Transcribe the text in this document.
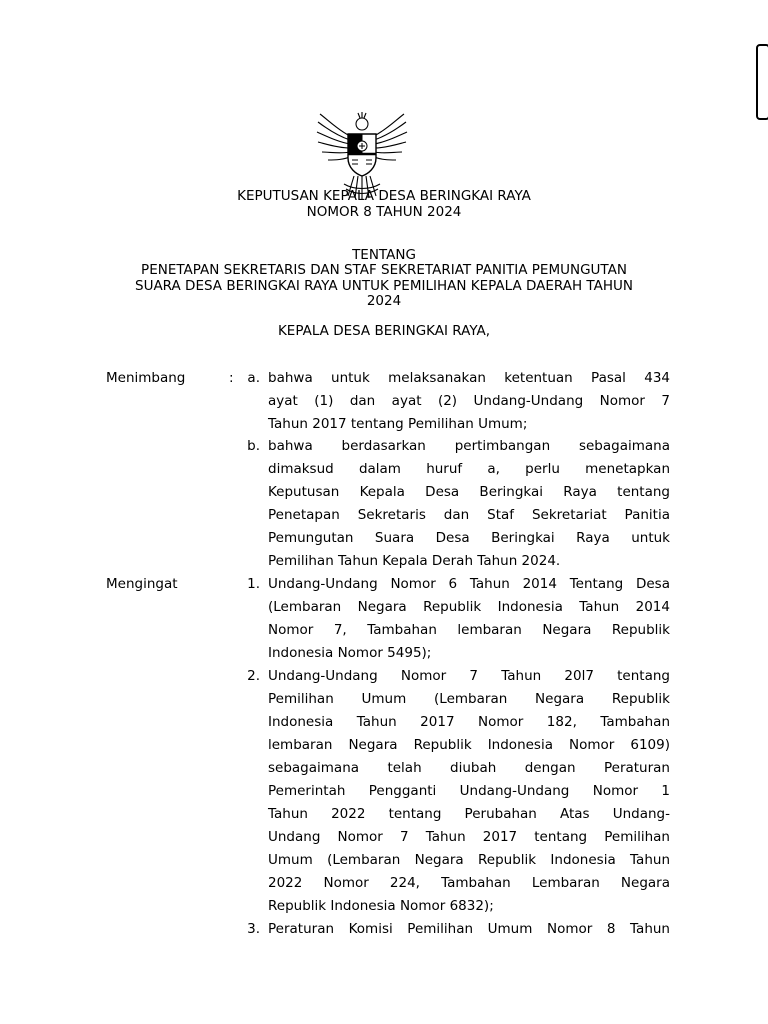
KEPUTUSAN KEPALA DESA BERINGKAI RAYA
NOMOR 8 TAHUN 2024
TENTANG
PENETAPAN SEKRETARIS DAN STAF SEKRETARIAT PANITIA PEMUNGUTAN
SUARA DESA BERINGKAI RAYA UNTUK PEMILIHAN KEPALA DAERAH TAHUN
2024
KEPALA DESA BERINGKAI RAYA,
Menimbang	:	a. bahwa untuk melaksanakan ketentuan Pasal 434
ayat (1) dan ayat (2) Undang-Undang Nomor 7
Tahun 2017 tentang Pemilihan Umum;
b. bahwa berdasarkan pertimbangan sebagaimana
dimaksud dalam huruf a, perlu menetapkan
Keputusan Kepala Desa Beringkai Raya tentang
Penetapan Sekretaris dan Staf Sekretariat Panitia
Pemungutan Suara Desa Beringkai Raya untuk
Pemilihan Tahun Kepala Derah Tahun 2024.
Mengingat	1. Undang-Undang Nomor 6 Tahun 2014 Tentang Desa
(Lembaran Negara Republik Indonesia Tahun 2014
Nomor 7, Tambahan lembaran Negara Republik
Indonesia Nomor 5495);
2. Undang-Undang Nomor 7 Tahun 20l7 tentang
Pemilihan Umum (Lembaran Negara Republik
Indonesia Tahun 2017 Nomor 182, Tambahan
lembaran Negara Republik Indonesia Nomor 6109)
sebagaimana telah diubah dengan Peraturan
Pemerintah Pengganti Undang-Undang Nomor 1
Tahun 2022 tentang Perubahan Atas Undang-
Undang Nomor 7 Tahun 2017 tentang Pemilihan
Umum (Lembaran Negara Republik Indonesia Tahun
2022 Nomor 224, Tambahan Lembaran Negara
Republik Indonesia Nomor 6832);
3. Peraturan Komisi Pemilihan Umum Nomor 8 Tahun
